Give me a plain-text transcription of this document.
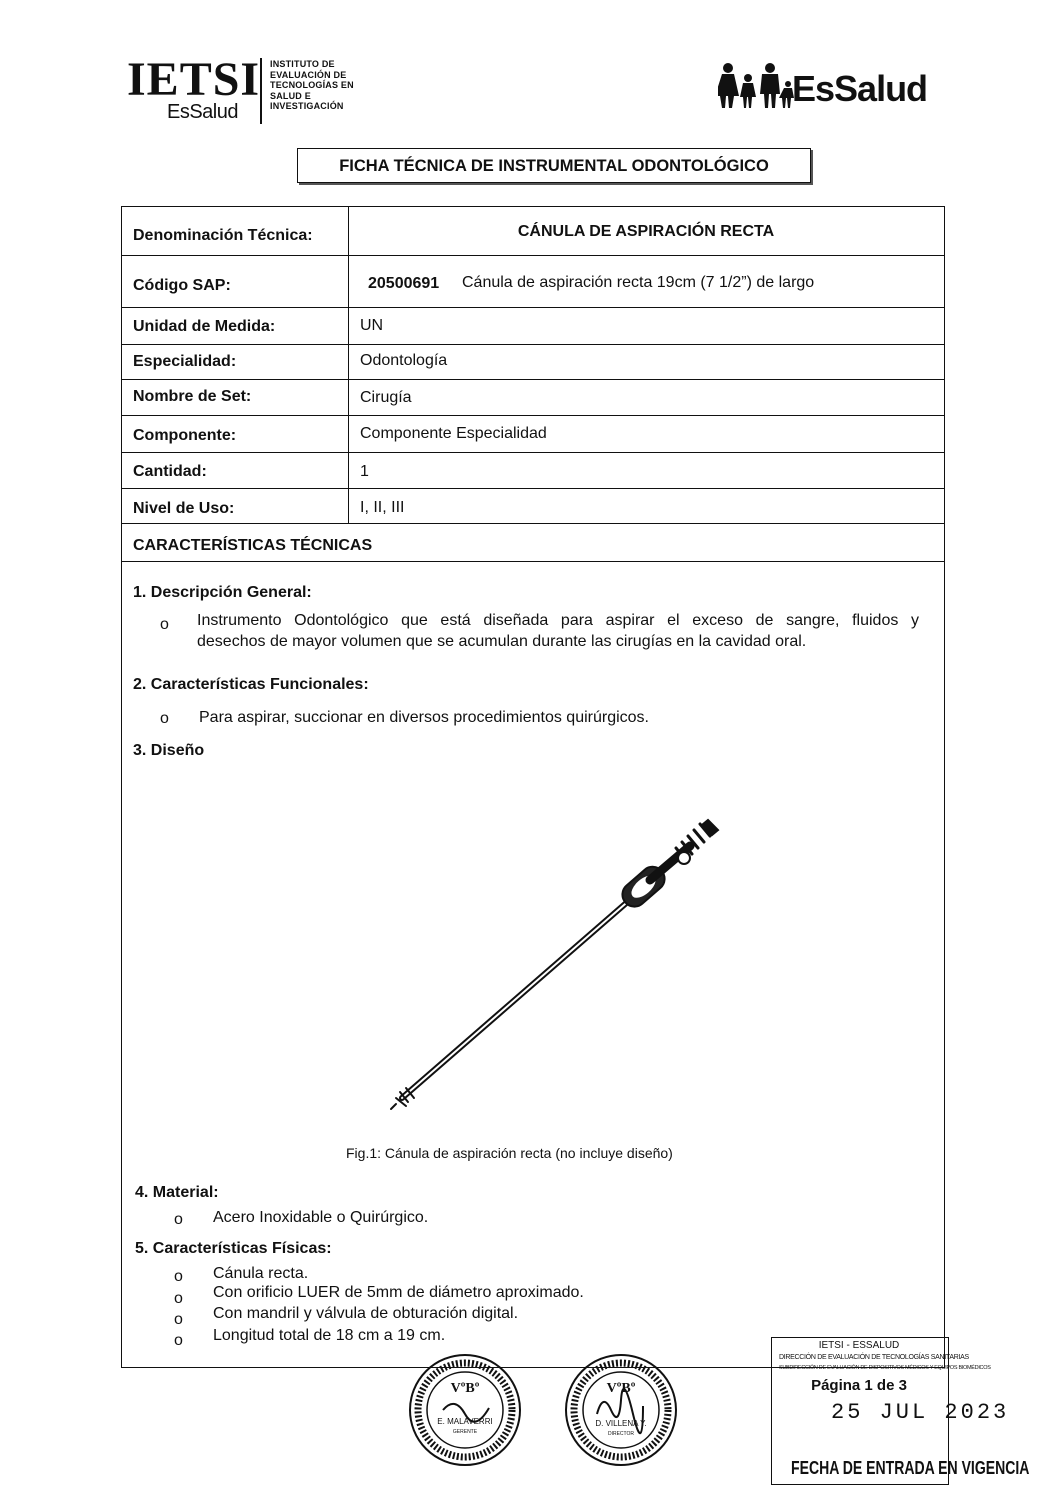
IETSI
EsSalud
INSTITUTO DE
EVALUACIÓN DE
TECNOLOGÍAS EN
SALUD E
INVESTIGACIÓN	EsSalud
FICHA TÉCNICA DE INSTRUMENTAL ODONTOLÓGICO
Denominación Técnica:	CÁNULA DE ASPIRACIÓN RECTA
Código SAP:	20500691 Cánula de aspiración recta 19cm (7 1/2”) de largo
Unidad de Medida:	UN
Especialidad:	Odontología
Nombre de Set:	Cirugía
Componente:	Componente Especialidad
Cantidad:	1
Nivel de Uso:	I, II, III
CARACTERÍSTICAS TÉCNICAS
1. Descripción General:
o Instrumento Odontológico que está diseñada para aspirar el exceso de sangre, fluidos y
desechos de mayor volumen que se acumulan durante las cirugías en la cavidad oral.
2. Características Funcionales:
o Para aspirar, succionar en diversos procedimientos quirúrgicos.
3. Diseño
Fig.1: Cánula de aspiración recta (no incluye diseño)
4. Material:
o Acero Inoxidable o Quirúrgico.
5. Características Físicas:
o Cánula recta.
o Con orificio LUER de 5mm de diámetro aproximado.
o Con mandril y válvula de obturación digital.
o Longitud total de 18 cm a 19 cm.
VºBº
E. MALAVERRI
GERENTE
VºBº
D. VILLENA Y.
DIRECTOR
IETSI - ESSALUD
DIRECCIÓN DE EVALUACIÓN DE TECNOLOGÍAS SANITARIAS
SUBDIRECCIÓN DE EVALUACIÓN DE DISPOSITIVOS MÉDICOS Y EQUIPOS BIOMÉDICOS
Página 1 de 3
25 JUL 2023
FECHA DE ENTRADA EN VIGENCIA
